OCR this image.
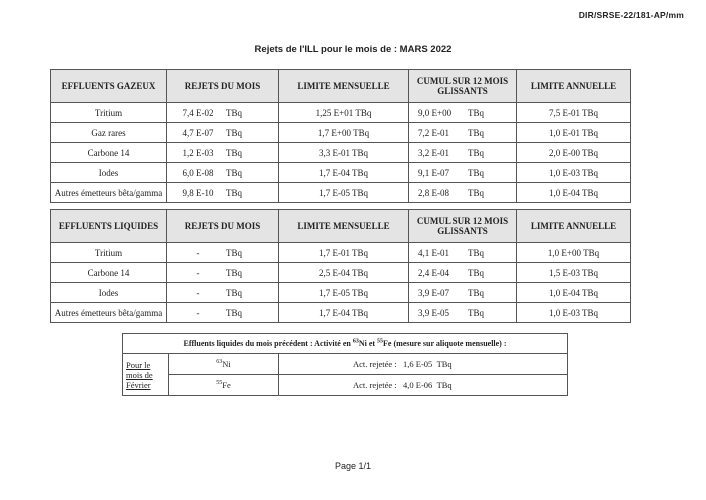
DIR/SRSE-22/181-AP/mm
Rejets de l'ILL pour le mois de : MARS 2022
EFFLUENTS GAZEUX	REJETS DU MOIS	LIMITE MENSUELLE	CUMUL SUR 12 MOIS GLISSANTS	LIMITE ANNUELLE
Tritium	7,4 E-02 TBq	1,25 E+01 TBq	9,0 E+00 TBq	7,5 E-01 TBq
Gaz rares	4,7 E-07 TBq	1,7 E+00 TBq	7,2 E-01 TBq	1,0 E-01 TBq
Carbone 14	1,2 E-03 TBq	3,3 E-01 TBq	3,2 E-01 TBq	2,0 E-00 TBq
Iodes	6,0 E-08 TBq	1,7 E-04 TBq	9,1 E-07 TBq	1,0 E-03 TBq
Autres émetteurs bêta/gamma	9,8 E-10 TBq	1,7 E-05 TBq	2,8 E-08 TBq	1,0 E-04 TBq
EFFLUENTS LIQUIDES	REJETS DU MOIS	LIMITE MENSUELLE	CUMUL SUR 12 MOIS GLISSANTS	LIMITE ANNUELLE
Tritium	- TBq	1,7 E-01 TBq	4,1 E-01 TBq	1,0 E+00 TBq
Carbone 14	- TBq	2,5 E-04 TBq	2,4 E-04 TBq	1,5 E-03 TBq
Iodes	- TBq	1,7 E-05 TBq	3,9 E-07 TBq	1,0 E-04 TBq
Autres émetteurs bêta/gamma	- TBq	1,7 E-04 TBq	3,9 E-05 TBq	1,0 E-03 TBq
Effluents liquides du mois précédent : Activité en $^{63}$Ni et $^{55}$Fe (mesure sur aliquote mensuelle) :		
Pour le mois de Février	$^{63}$Ni	Act. rejetée : 1,6 E-05 TBq
	$^{55}$Fe	Act. rejetée : 4,0 E-06 TBq
Page 1/1
